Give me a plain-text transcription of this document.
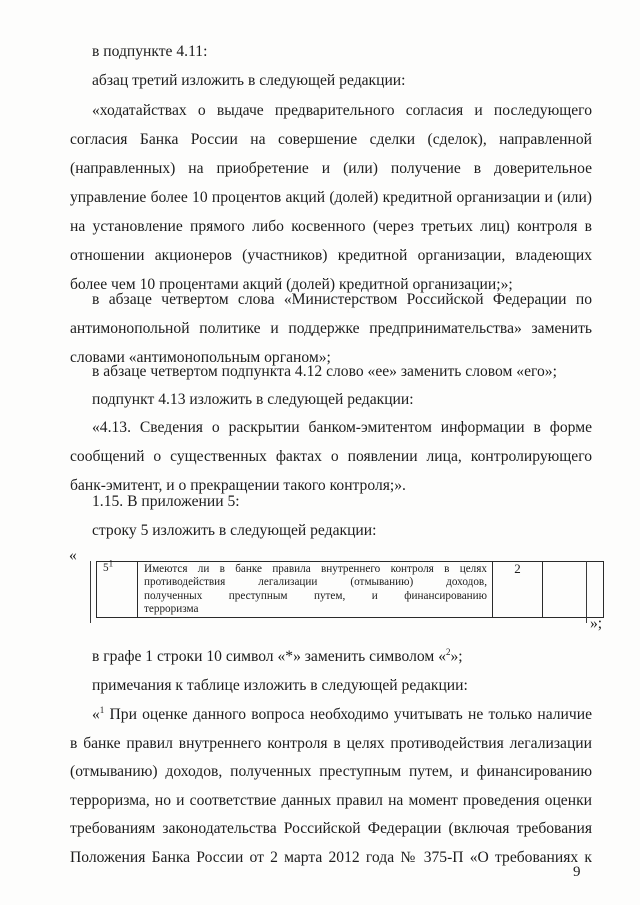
в подпункте 4.11:

абзац третий изложить в следующей редакции:

«ходатайствах о выдаче предварительного согласия и последующего

согласия Банка России на совершение сделки (сделок), направленной

(направленных) на приобретение и (или) получение в доверительное

управление более 10 процентов акций (долей) кредитной организации и (или)

на установление прямого либо косвенного (через третьих лиц) контроля в

отношении акционеров (участников) кредитной организации, владеющих

более чем 10 процентами акций (долей) кредитной организации;»;

в абзаце четвертом слова «Министерством Российской Федерации по

антимонопольной политике и поддержке предпринимательства» заменить

словами «антимонопольным органом»;

в абзаце четвертом подпункта 4.12 слово «ее» заменить словом «его»;

подпункт 4.13 изложить в следующей редакции:

«4.13. Сведения о раскрытии банком-эмитентом информации в форме

сообщений о существенных фактах о появлении лица, контролирующего

банк-эмитент, и о прекращении такого контроля;».

1.15. В приложении 5:

строку 5 изложить в следующей редакции:

«
$5^1$	Имеются ли в банке правила внутреннего контроля в целях
противодействия легализации (отмыванию) доходов,
полученных преступным путем, и финансированию
терроризма
	2	
»;

в графе 1 строки 10 символ «*» заменить символом «$^2$»;

примечания к таблице изложить в следующей редакции:

«$^1$ При оценке данного вопроса необходимо учитывать не только наличие

в банке правил внутреннего контроля в целях противодействия легализации

(отмыванию) доходов, полученных преступным путем, и финансированию

терроризма, но и соответствие данных правил на момент проведения оценки

требованиям законодательства Российской Федерации (включая требования

Положения Банка России от 2 марта 2012 года № 375-П «О требованиях к

9
